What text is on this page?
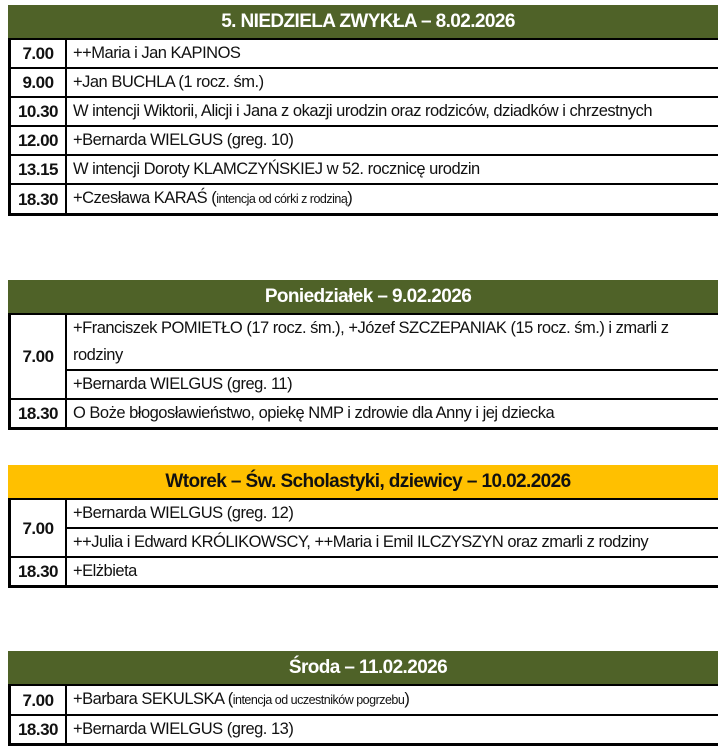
5. NIEDZIELA ZWYKŁA – 8.02.2026
7.00	++Maria i Jan KAPINOS
9.00	+Jan BUCHLA (1 rocz. śm.)
10.30	W intencji Wiktorii, Alicji i Jana z okazji urodzin oraz rodziców, dziadków i chrzestnych
12.00	+Bernarda WIELGUS (greg. 10)
13.15	W intencji Doroty KLAMCZYŃSKIEJ w 52. rocznicę urodzin
18.30	+Czesława KARAŚ (intencja od córki z rodziną)
Poniedziałek – 9.02.2026
7.00	+Franciszek POMIETŁO (17 rocz. śm.), +Józef SZCZEPANIAK (15 rocz. śm.) i zmarli z rodziny
	+Bernarda WIELGUS (greg. 11)
18.30	O Boże błogosławieństwo, opiekę NMP i zdrowie dla Anny i jej dziecka
Wtorek – Św. Scholastyki, dziewicy – 10.02.2026
7.00	+Bernarda WIELGUS (greg. 12)
	++Julia i Edward KRÓLIKOWSCY, ++Maria i Emil ILCZYSZYN oraz zmarli z rodziny
18.30	+Elżbieta
Środa – 11.02.2026
7.00	+Barbara SEKULSKA (intencja od uczestników pogrzebu)
18.30	+Bernarda WIELGUS (greg. 13)
